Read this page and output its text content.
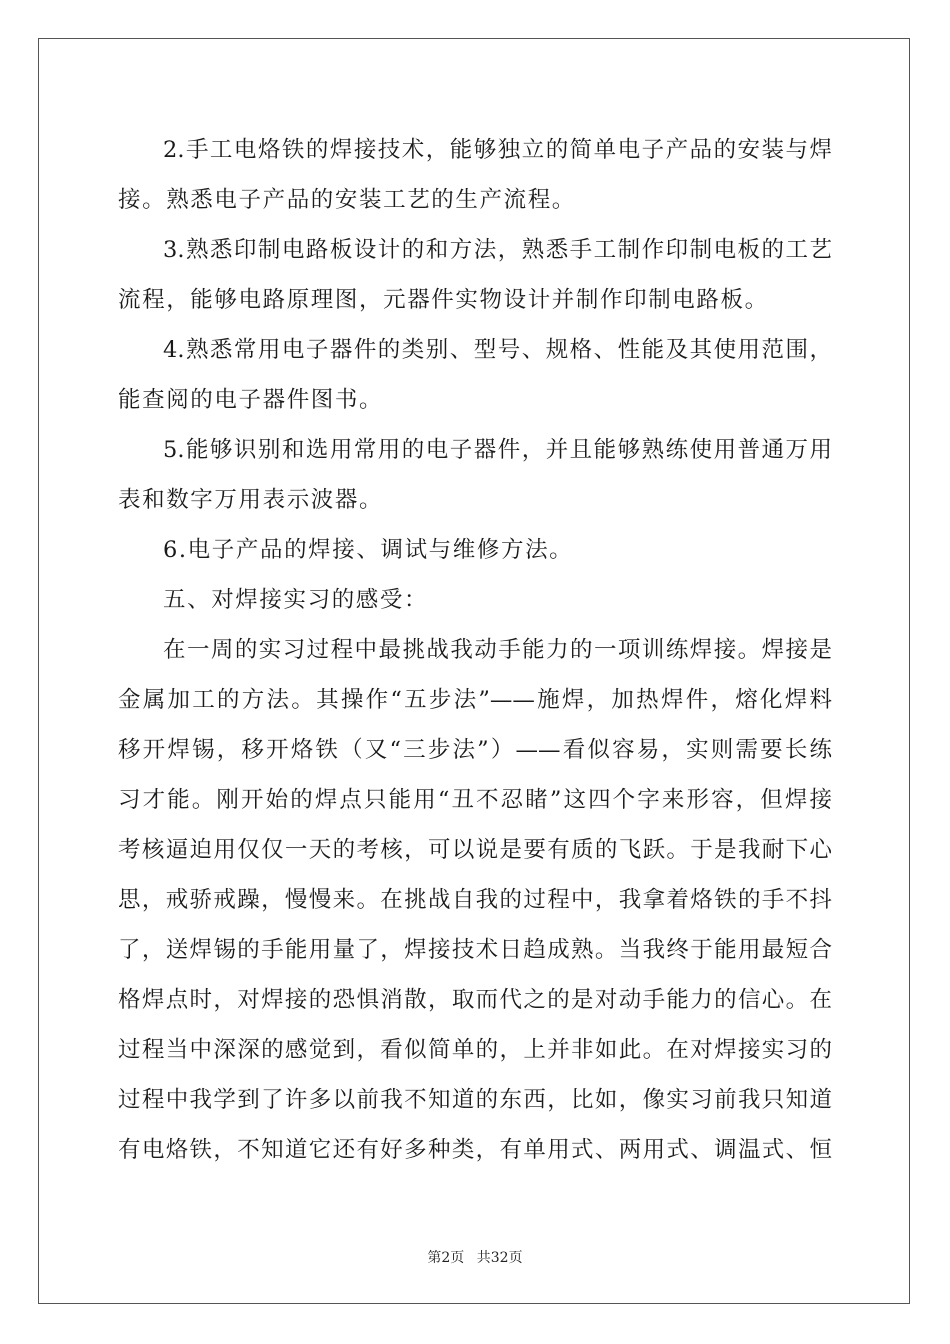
2.手工电烙铁的焊接技术，能够独立的简单电子产品的安装与焊
接。熟悉电子产品的安装工艺的生产流程。
3.熟悉印制电路板设计的和方法，熟悉手工制作印制电板的工艺
流程，能够电路原理图，元器件实物设计并制作印制电路板。
4.熟悉常用电子器件的类别、型号、规格、性能及其使用范围，
能查阅的电子器件图书。
5.能够识别和选用常用的电子器件，并且能够熟练使用普通万用
表和数字万用表示波器。
6.电子产品的焊接、调试与维修方法。
五、对焊接实习的感受：
在一周的实习过程中最挑战我动手能力的一项训练焊接。焊接是
金属加工的方法。其操作“五步法”——施焊，加热焊件，熔化焊料
移开焊锡，移开烙铁（又“三步法”）——看似容易，实则需要长练
习才能。刚开始的焊点只能用“丑不忍睹”这四个字来形容，但焊接
考核逼迫用仅仅一天的考核，可以说是要有质的飞跃。于是我耐下心
思，戒骄戒躁，慢慢来。在挑战自我的过程中，我拿着烙铁的手不抖
了，送焊锡的手能用量了，焊接技术日趋成熟。当我终于能用最短合
格焊点时，对焊接的恐惧消散，取而代之的是对动手能力的信心。在
过程当中深深的感觉到，看似简单的，上并非如此。在对焊接实习的
过程中我学到了许多以前我不知道的东西，比如，像实习前我只知道
有电烙铁，不知道它还有好多种类，有单用式、两用式、调温式、恒
第2页 共32页
